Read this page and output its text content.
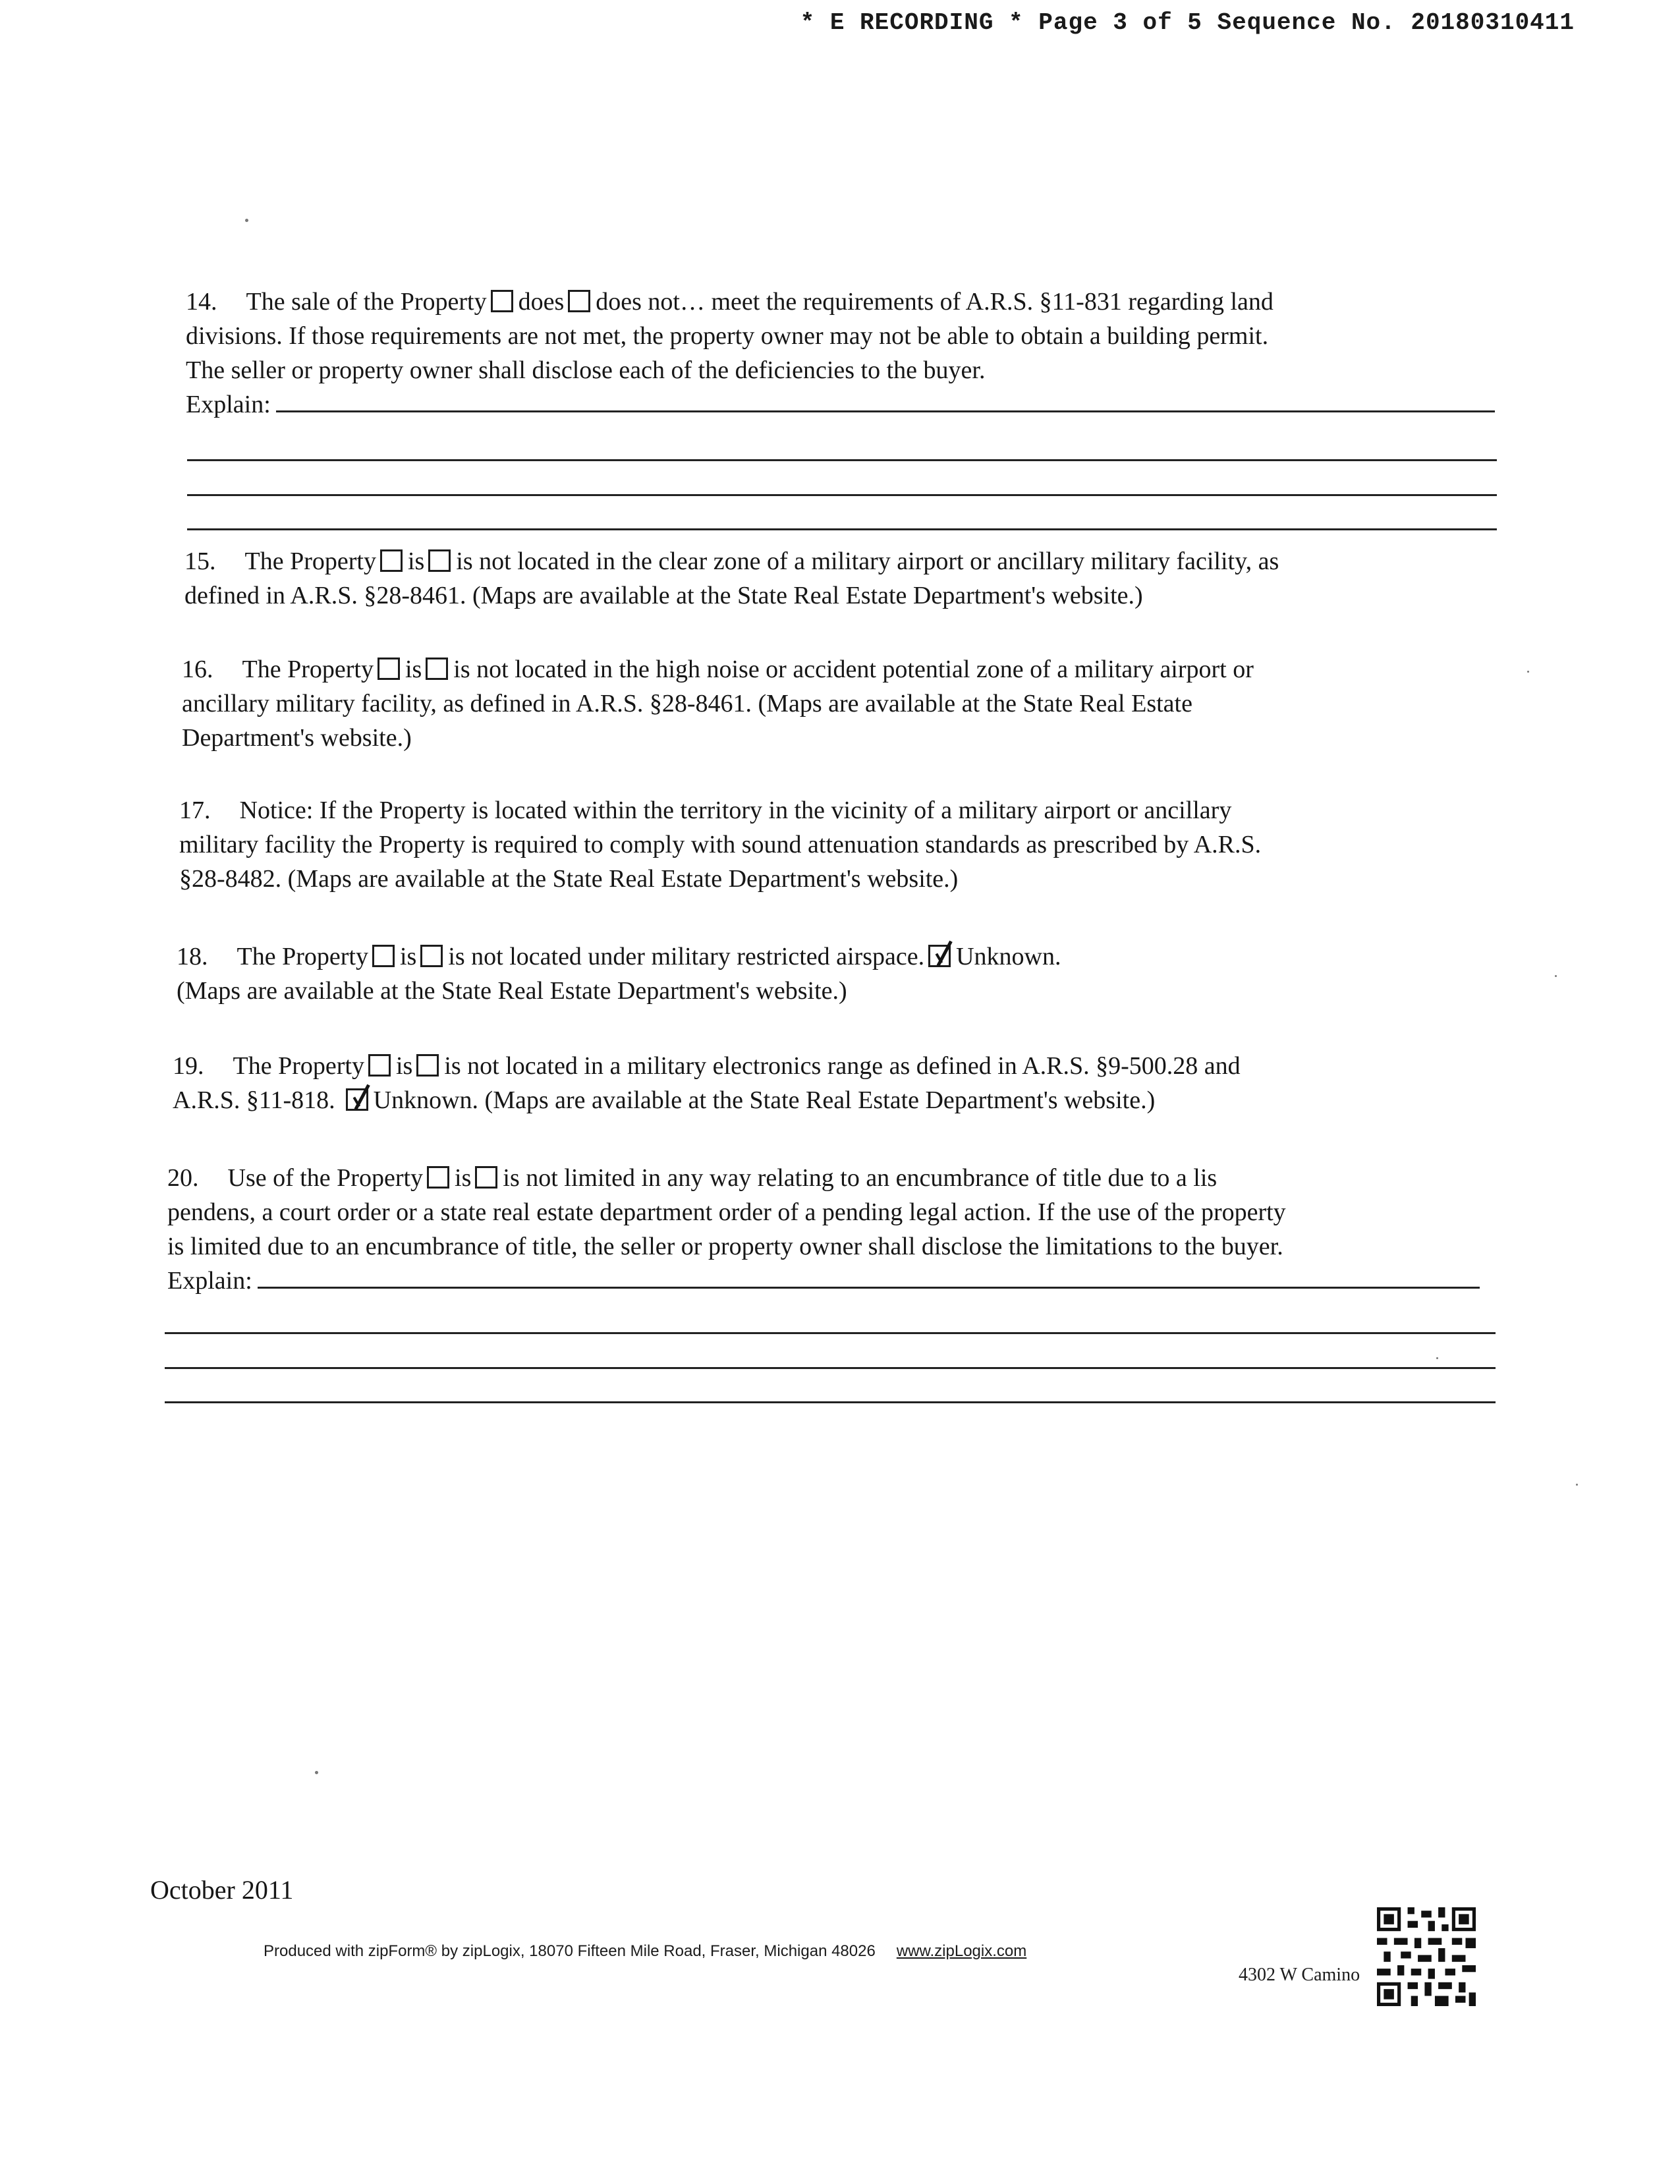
* E RECORDING * Page 3 of 5 Sequence No. 20180310411
14. The sale of the Property does does not… meet the requirements of A.R.S. §11-831 regarding land
divisions. If those requirements are not met, the property owner may not be able to obtain a building permit.
The seller or property owner shall disclose each of the deficiencies to the buyer.
Explain:
15. The Property is is not located in the clear zone of a military airport or ancillary military facility, as
defined in A.R.S. §28-8461. (Maps are available at the State Real Estate Department's website.)
16. The Property is is not located in the high noise or accident potential zone of a military airport or
ancillary military facility, as defined in A.R.S. §28-8461. (Maps are available at the State Real Estate
Department's website.)
17. Notice: If the Property is located within the territory in the vicinity of a military airport or ancillary
military facility the Property is required to comply with sound attenuation standards as prescribed by A.R.S.
§28-8482. (Maps are available at the State Real Estate Department's website.)
18. The Property is is not located under military restricted airspace. Unknown.
(Maps are available at the State Real Estate Department's website.)
19. The Property is is not located in a military electronics range as defined in A.R.S. §9-500.28 and
A.R.S. §11-818. Unknown. (Maps are available at the State Real Estate Department's website.)
20. Use of the Property is is not limited in any way relating to an encumbrance of title due to a lis
pendens, a court order or a state real estate department order of a pending legal action. If the use of the property
is limited due to an encumbrance of title, the seller or property owner shall disclose the limitations to the buyer.
Explain:
October 2011
Produced with zipForm® by zipLogix, 18070 Fifteen Mile Road, Fraser, Michigan 48026 www.zipLogix.com
4302 W Camino
